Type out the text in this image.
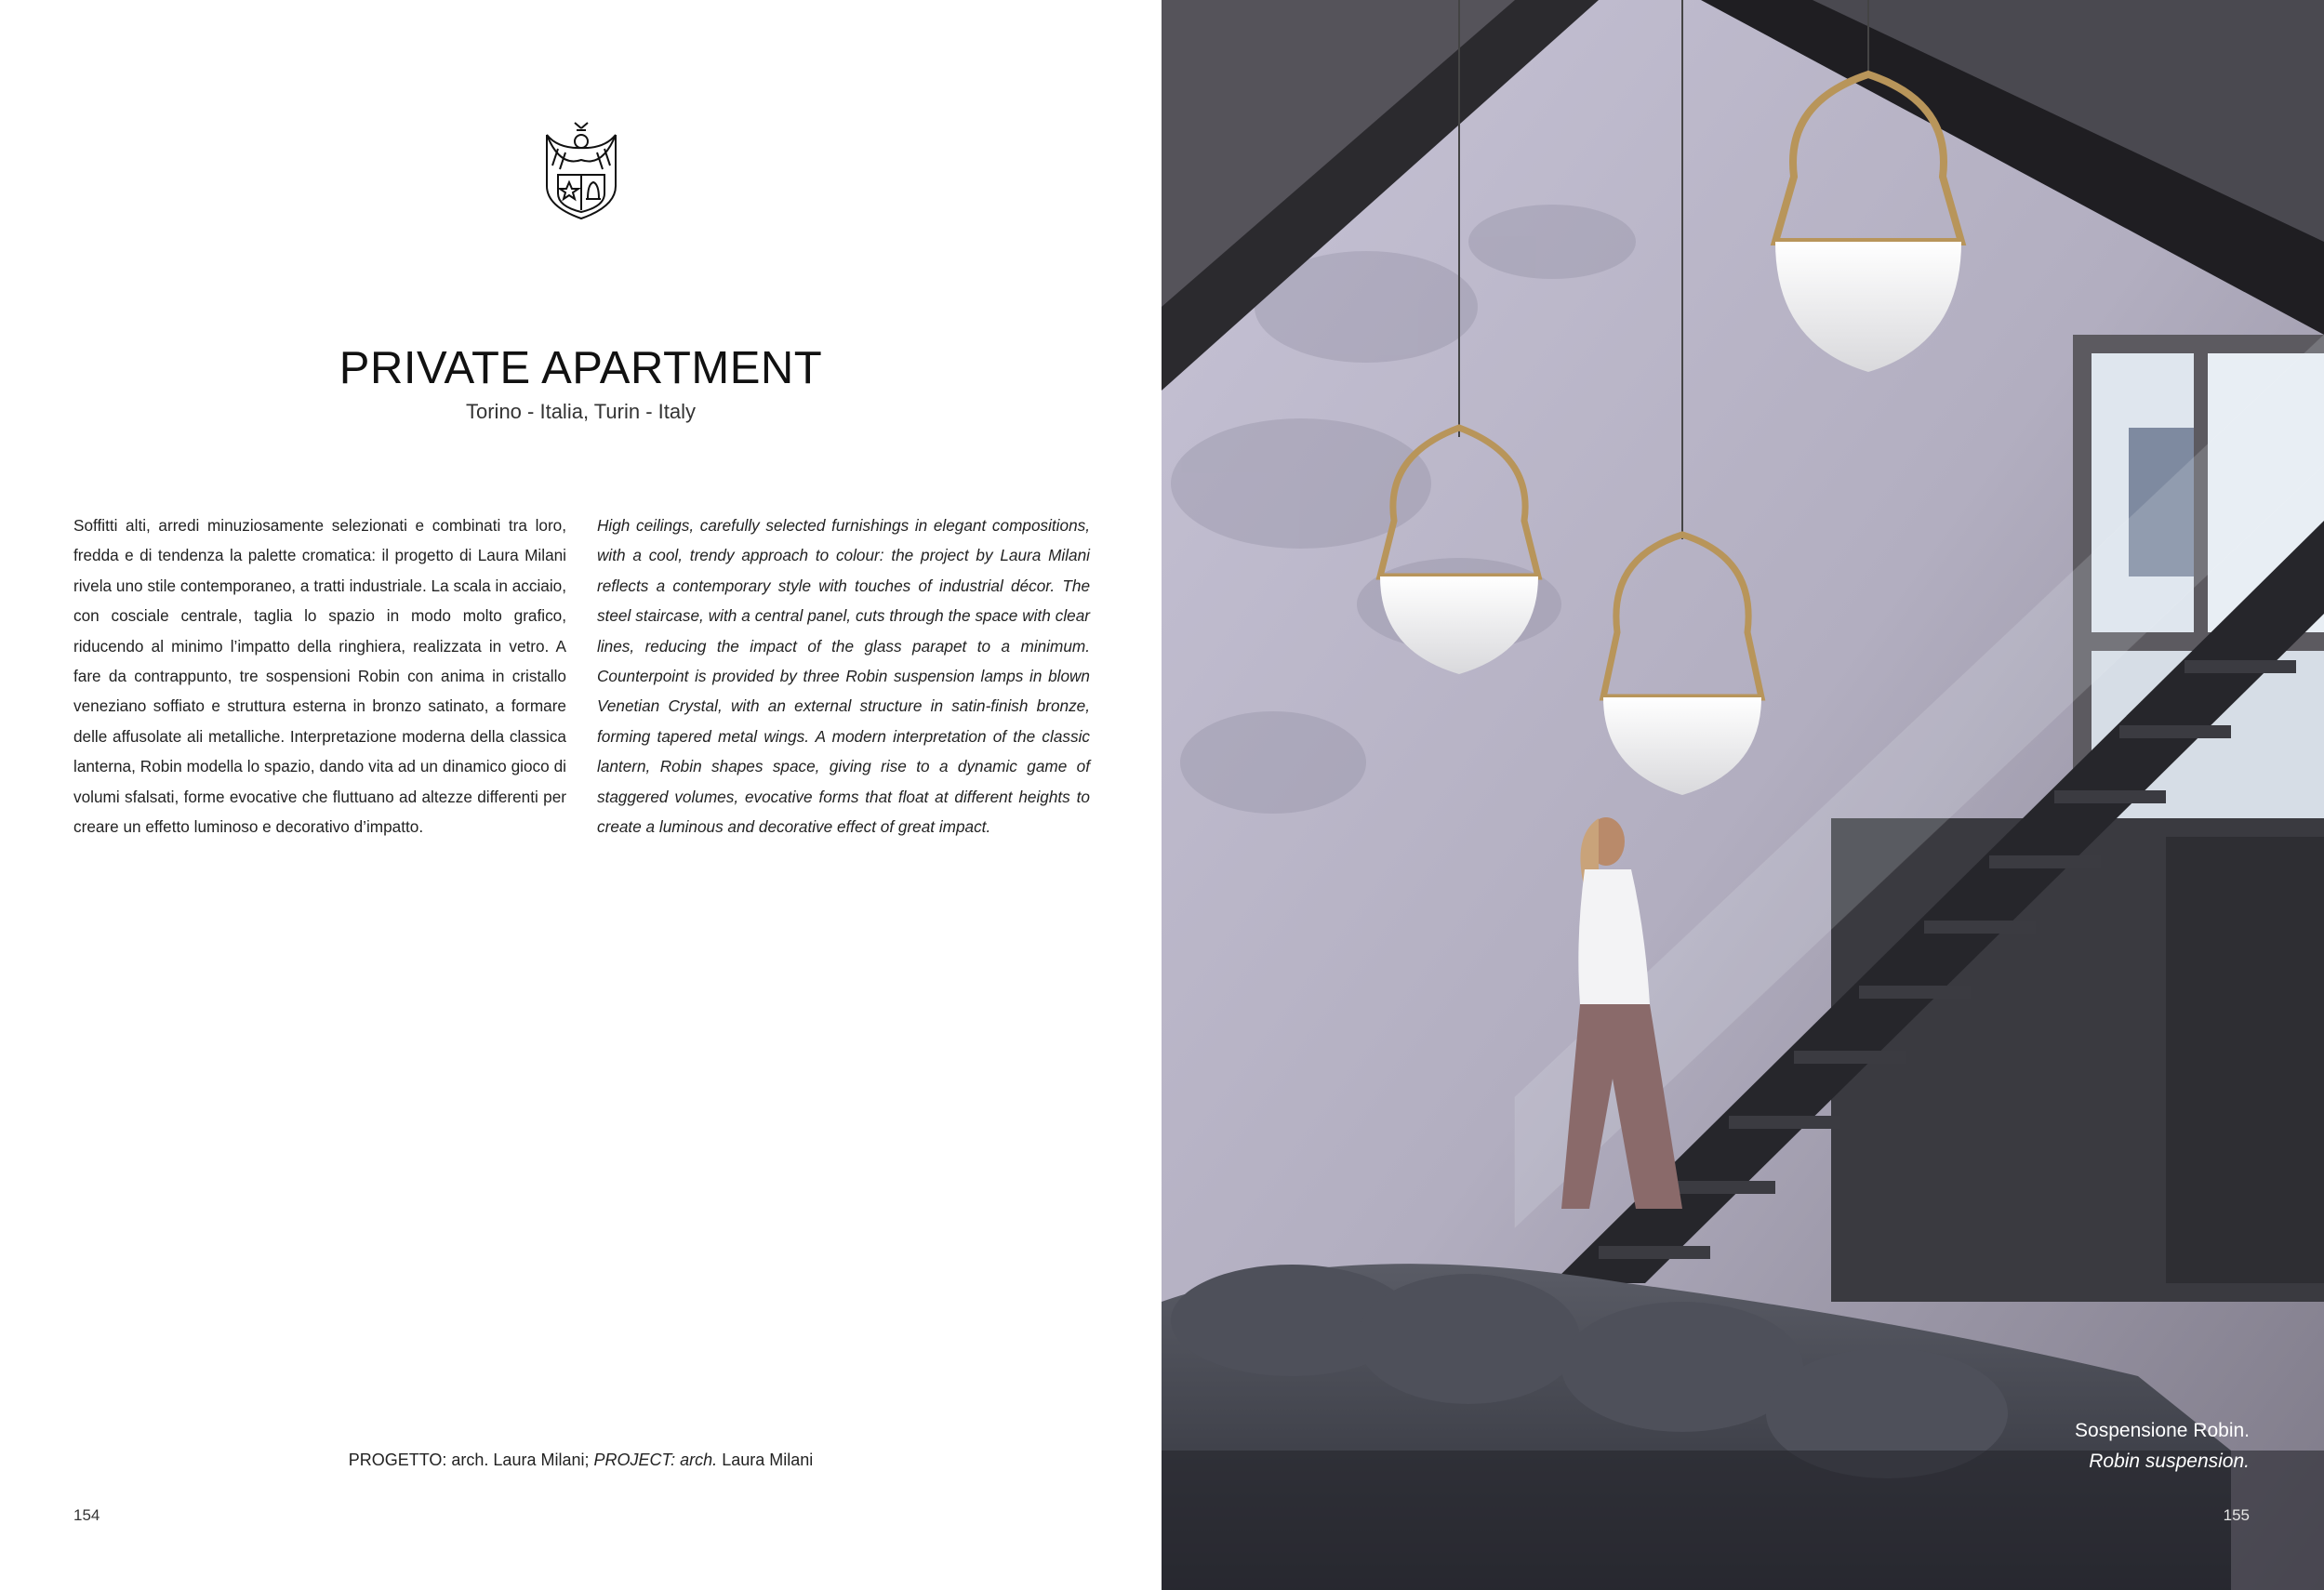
PRIVATE APARTMENT
Torino - Italia, Turin - Italy
Soffitti alti, arredi minuziosamente selezionati e combinati tra loro, fredda e di tendenza la palette cromatica: il progetto di Laura Milani rivela uno stile contemporaneo, a tratti industriale. La scala in acciaio, con cosciale centrale, taglia lo spazio in modo molto grafico, riducendo al minimo l’impatto della ringhiera, realizzata in vetro. A fare da contrappunto, tre sospensioni Robin con anima in cristallo veneziano soffiato e struttura esterna in bronzo satinato, a formare delle affusolate ali metalliche. Interpretazione moderna della classica lanterna, Robin modella lo spazio, dando vita ad un dinamico gioco di volumi sfalsati, forme evocative che fluttuano ad altezze differenti per creare un effetto luminoso e decorativo d’impatto.
High ceilings, carefully selected furnishings in elegant compositions, with a cool, trendy approach to colour: the project by Laura Milani reflects a contemporary style with touches of industrial décor. The steel staircase, with a central panel, cuts through the space with clear lines, reducing the impact of the glass parapet to a minimum. Counterpoint is provided by three Robin suspension lamps in blown Venetian Crystal, with an external structure in satin-finish bronze, forming tapered metal wings. A modern interpretation of the classic lantern, Robin shapes space, giving rise to a dynamic game of staggered volumes, evocative forms that float at different heights to create a luminous and decorative effect of great impact.
PROGETTO: arch. Laura Milani; PROJECT: arch. Laura Milani
154
Sospensione Robin.
Robin suspension.
155
